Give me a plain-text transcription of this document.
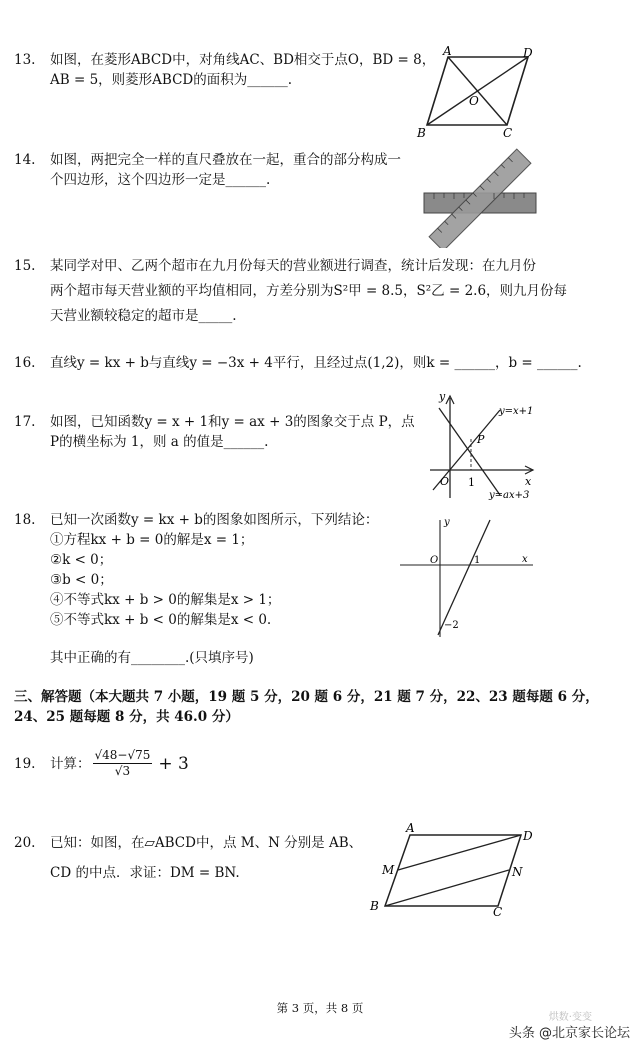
13. 如图，在菱形ABCD中，对角线AC、BD相交于点O，BD = 8，
AB = 5，则菱形ABCD的面积为______.
A	D
B	C
O
14. 如图，两把完全一样的直尺叠放在一起，重合的部分构成一
个四边形，这个四边形一定是______.
15. 某同学对甲、乙两个超市在九月份每天的营业额进行调查，统计后发现：在九月份
两个超市每天营业额的平均值相同，方差分别为S²甲 = 8.5，S²乙 = 2.6，则九月份每
天营业额较稳定的超市是_____.
16. 直线y = kx + b与直线y = −3x + 4平行，且经过点(1,2)，则k = ______，b = ______.
17. 如图，已知函数y = x + 1和y = ax + 3的图象交于点 P，点
P的横坐标为 1，则 a 的值是______.
y
x
O 1
P
y=x+1
y=ax+3
18. 已知一次函数y = kx + b的图象如图所示，下列结论：
①方程kx + b = 0的解是x = 1；
②k < 0；
③b < 0；
④不等式kx + b > 0的解集是x > 1；
⑤不等式kx + b < 0的解集是x < 0.
其中正确的有________.(只填序号)
y
x
O	1
−2
三、解答题（本大题共 7 小题，19 题 5 分，20 题 6 分，21 题 7 分，22、23 题每题 6 分，
24、25 题每题 8 分，共 46.0 分）
19.	计算： $\frac{√48-√75}{√3} + 3$
20. 已知：如图，在▱ABCD中，点 M、N 分别是 AB、
CD 的中点．求证：DM = BN.
A
D
B	C
M	N
第 3 页，共 8 页
烘数·变变
头条 @北京家长论坛
